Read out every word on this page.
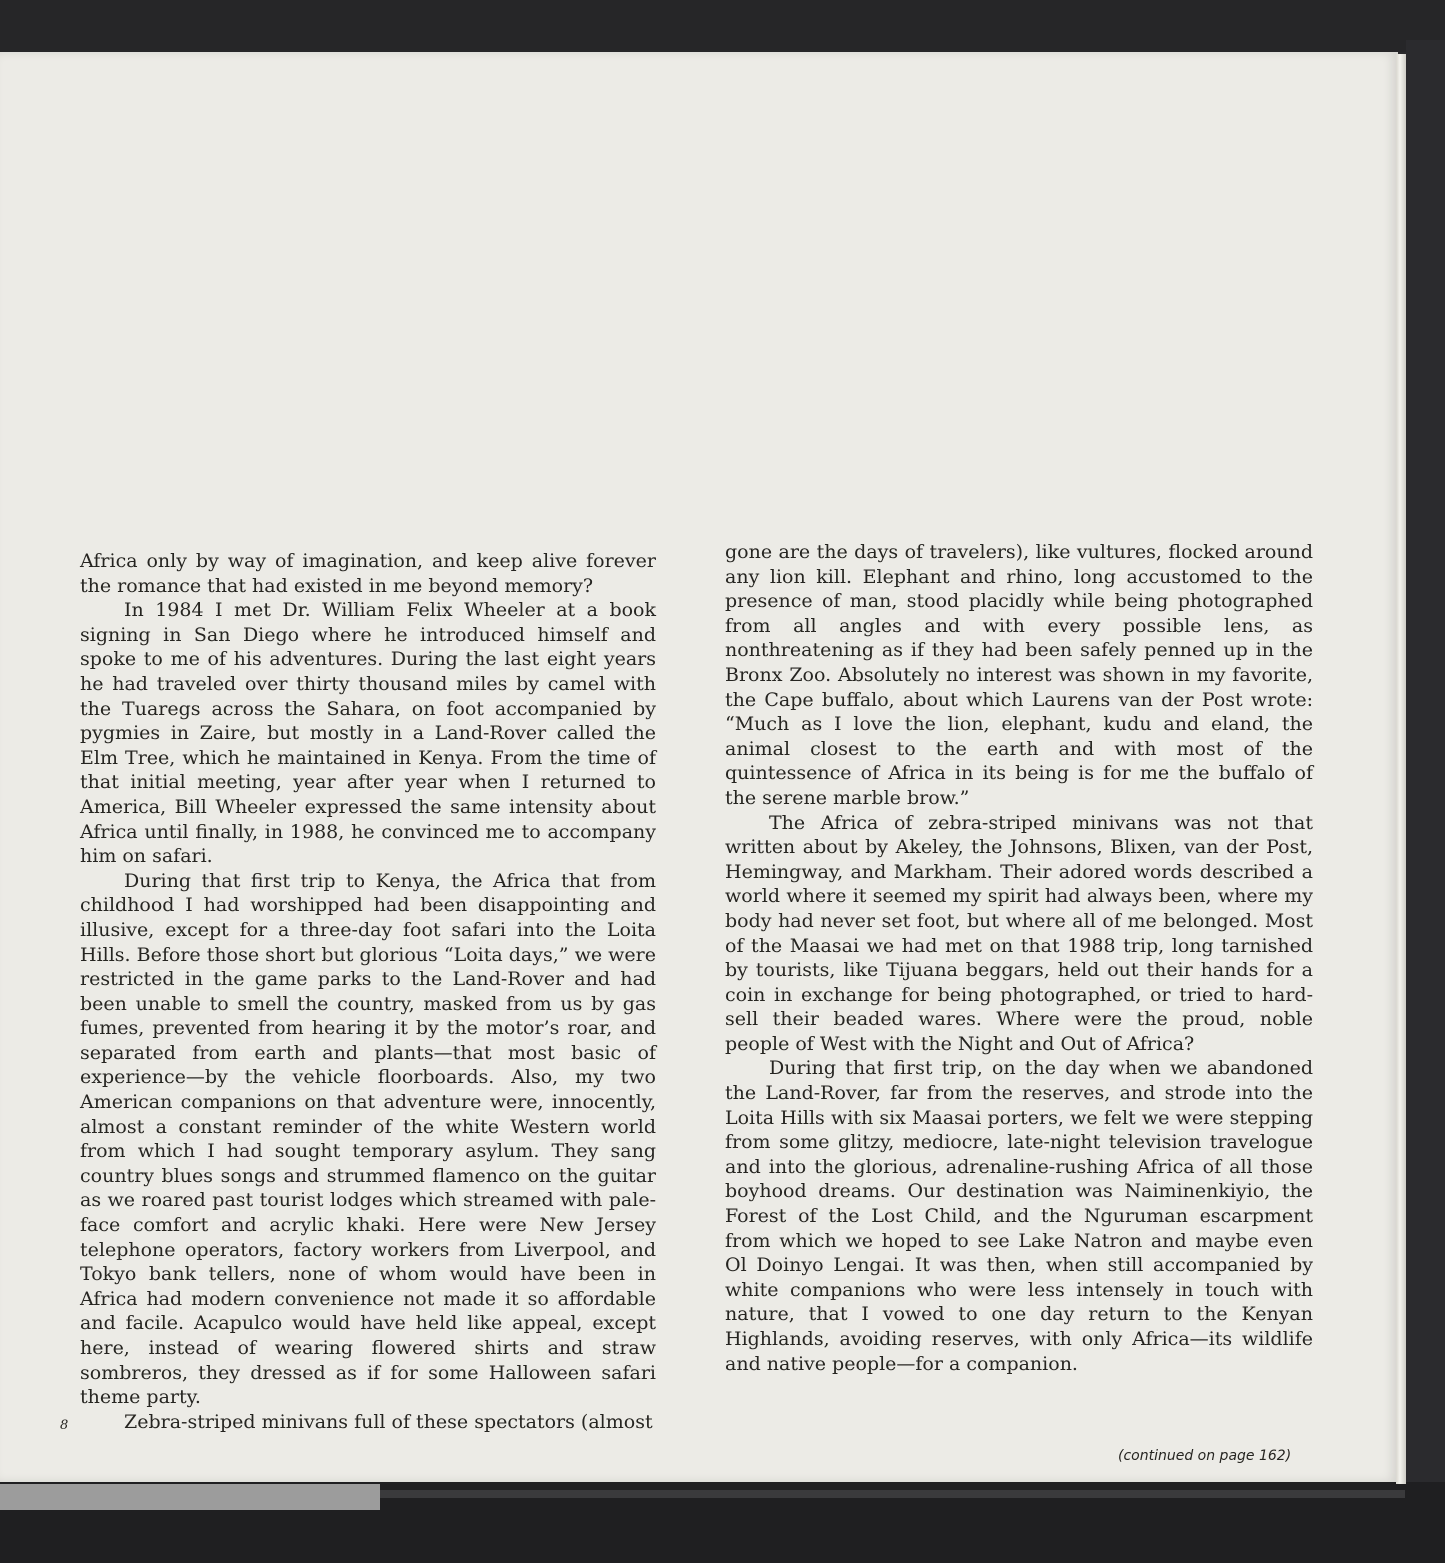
Africa only by way of imagination, and keep alive forever the romance that had existed in me beyond memory?

In 1984 I met Dr. William Felix Wheeler at a book signing in San Diego where he introduced himself and spoke to me of his adventures. During the last eight years he had traveled over thirty thousand miles by camel with the Tuaregs across the Sahara, on foot accompanied by pygmies in Zaire, but mostly in a Land-Rover called the Elm Tree, which he maintained in Kenya. From the time of that initial meeting, year after year when I returned to America, Bill Wheeler expressed the same intensity about Africa until finally, in 1988, he convinced me to accompany him on safari.

During that first trip to Kenya, the Africa that from childhood I had worshipped had been disappointing and illusive, except for a three-day foot safari into the Loita Hills. Before those short but glorious “Loita days,” we were restricted in the game parks to the Land-Rover and had been unable to smell the country, masked from us by gas fumes, prevented from hearing it by the motor’s roar, and separated from earth and plants—that most basic of experience—by the vehicle floorboards. Also, my two American companions on that adventure were, innocently, almost a constant reminder of the white Western world from which I had sought temporary asylum. They sang country blues songs and strummed flamenco on the guitar as we roared past tourist lodges which streamed with pale-face comfort and acrylic khaki. Here were New Jersey telephone operators, factory workers from Liverpool, and Tokyo bank tellers, none of whom would have been in Africa had modern convenience not made it so affordable and facile. Acapulco would have held like appeal, except here, instead of wearing flowered shirts and straw sombreros, they dressed as if for some Halloween safari theme party.

Zebra-striped minivans full of these spectators (almost

gone are the days of travelers), like vultures, flocked around any lion kill. Elephant and rhino, long accustomed to the presence of man, stood placidly while being photographed from all angles and with every possible lens, as nonthreatening as if they had been safely penned up in the Bronx Zoo. Absolutely no interest was shown in my favorite, the Cape buffalo, about which Laurens van der Post wrote: “Much as I love the lion, elephant, kudu and eland, the animal closest to the earth and with most of the quintessence of Africa in its being is for me the buffalo of the serene marble brow.”

The Africa of zebra-striped minivans was not that written about by Akeley, the Johnsons, Blixen, van der Post, Hemingway, and Markham. Their adored words described a world where it seemed my spirit had always been, where my body had never set foot, but where all of me belonged. Most of the Maasai we had met on that 1988 trip, long tarnished by tourists, like Tijuana beggars, held out their hands for a coin in exchange for being photographed, or tried to hard-sell their beaded wares. Where were the proud, noble people of West with the Night and Out of Africa?

During that first trip, on the day when we abandoned the Land-Rover, far from the reserves, and strode into the Loita Hills with six Maasai porters, we felt we were stepping from some glitzy, mediocre, late-night television travelogue and into the glorious, adrenaline-rushing Africa of all those boyhood dreams. Our destination was Naiminenkiyio, the Forest of the Lost Child, and the Nguruman escarpment from which we hoped to see Lake Natron and maybe even Ol Doinyo Lengai. It was then, when still accompanied by white companions who were less intensely in touch with nature, that I vowed to one day return to the Kenyan Highlands, avoiding reserves, with only Africa—its wildlife and native people—for a companion.

8
(continued on page 162)
